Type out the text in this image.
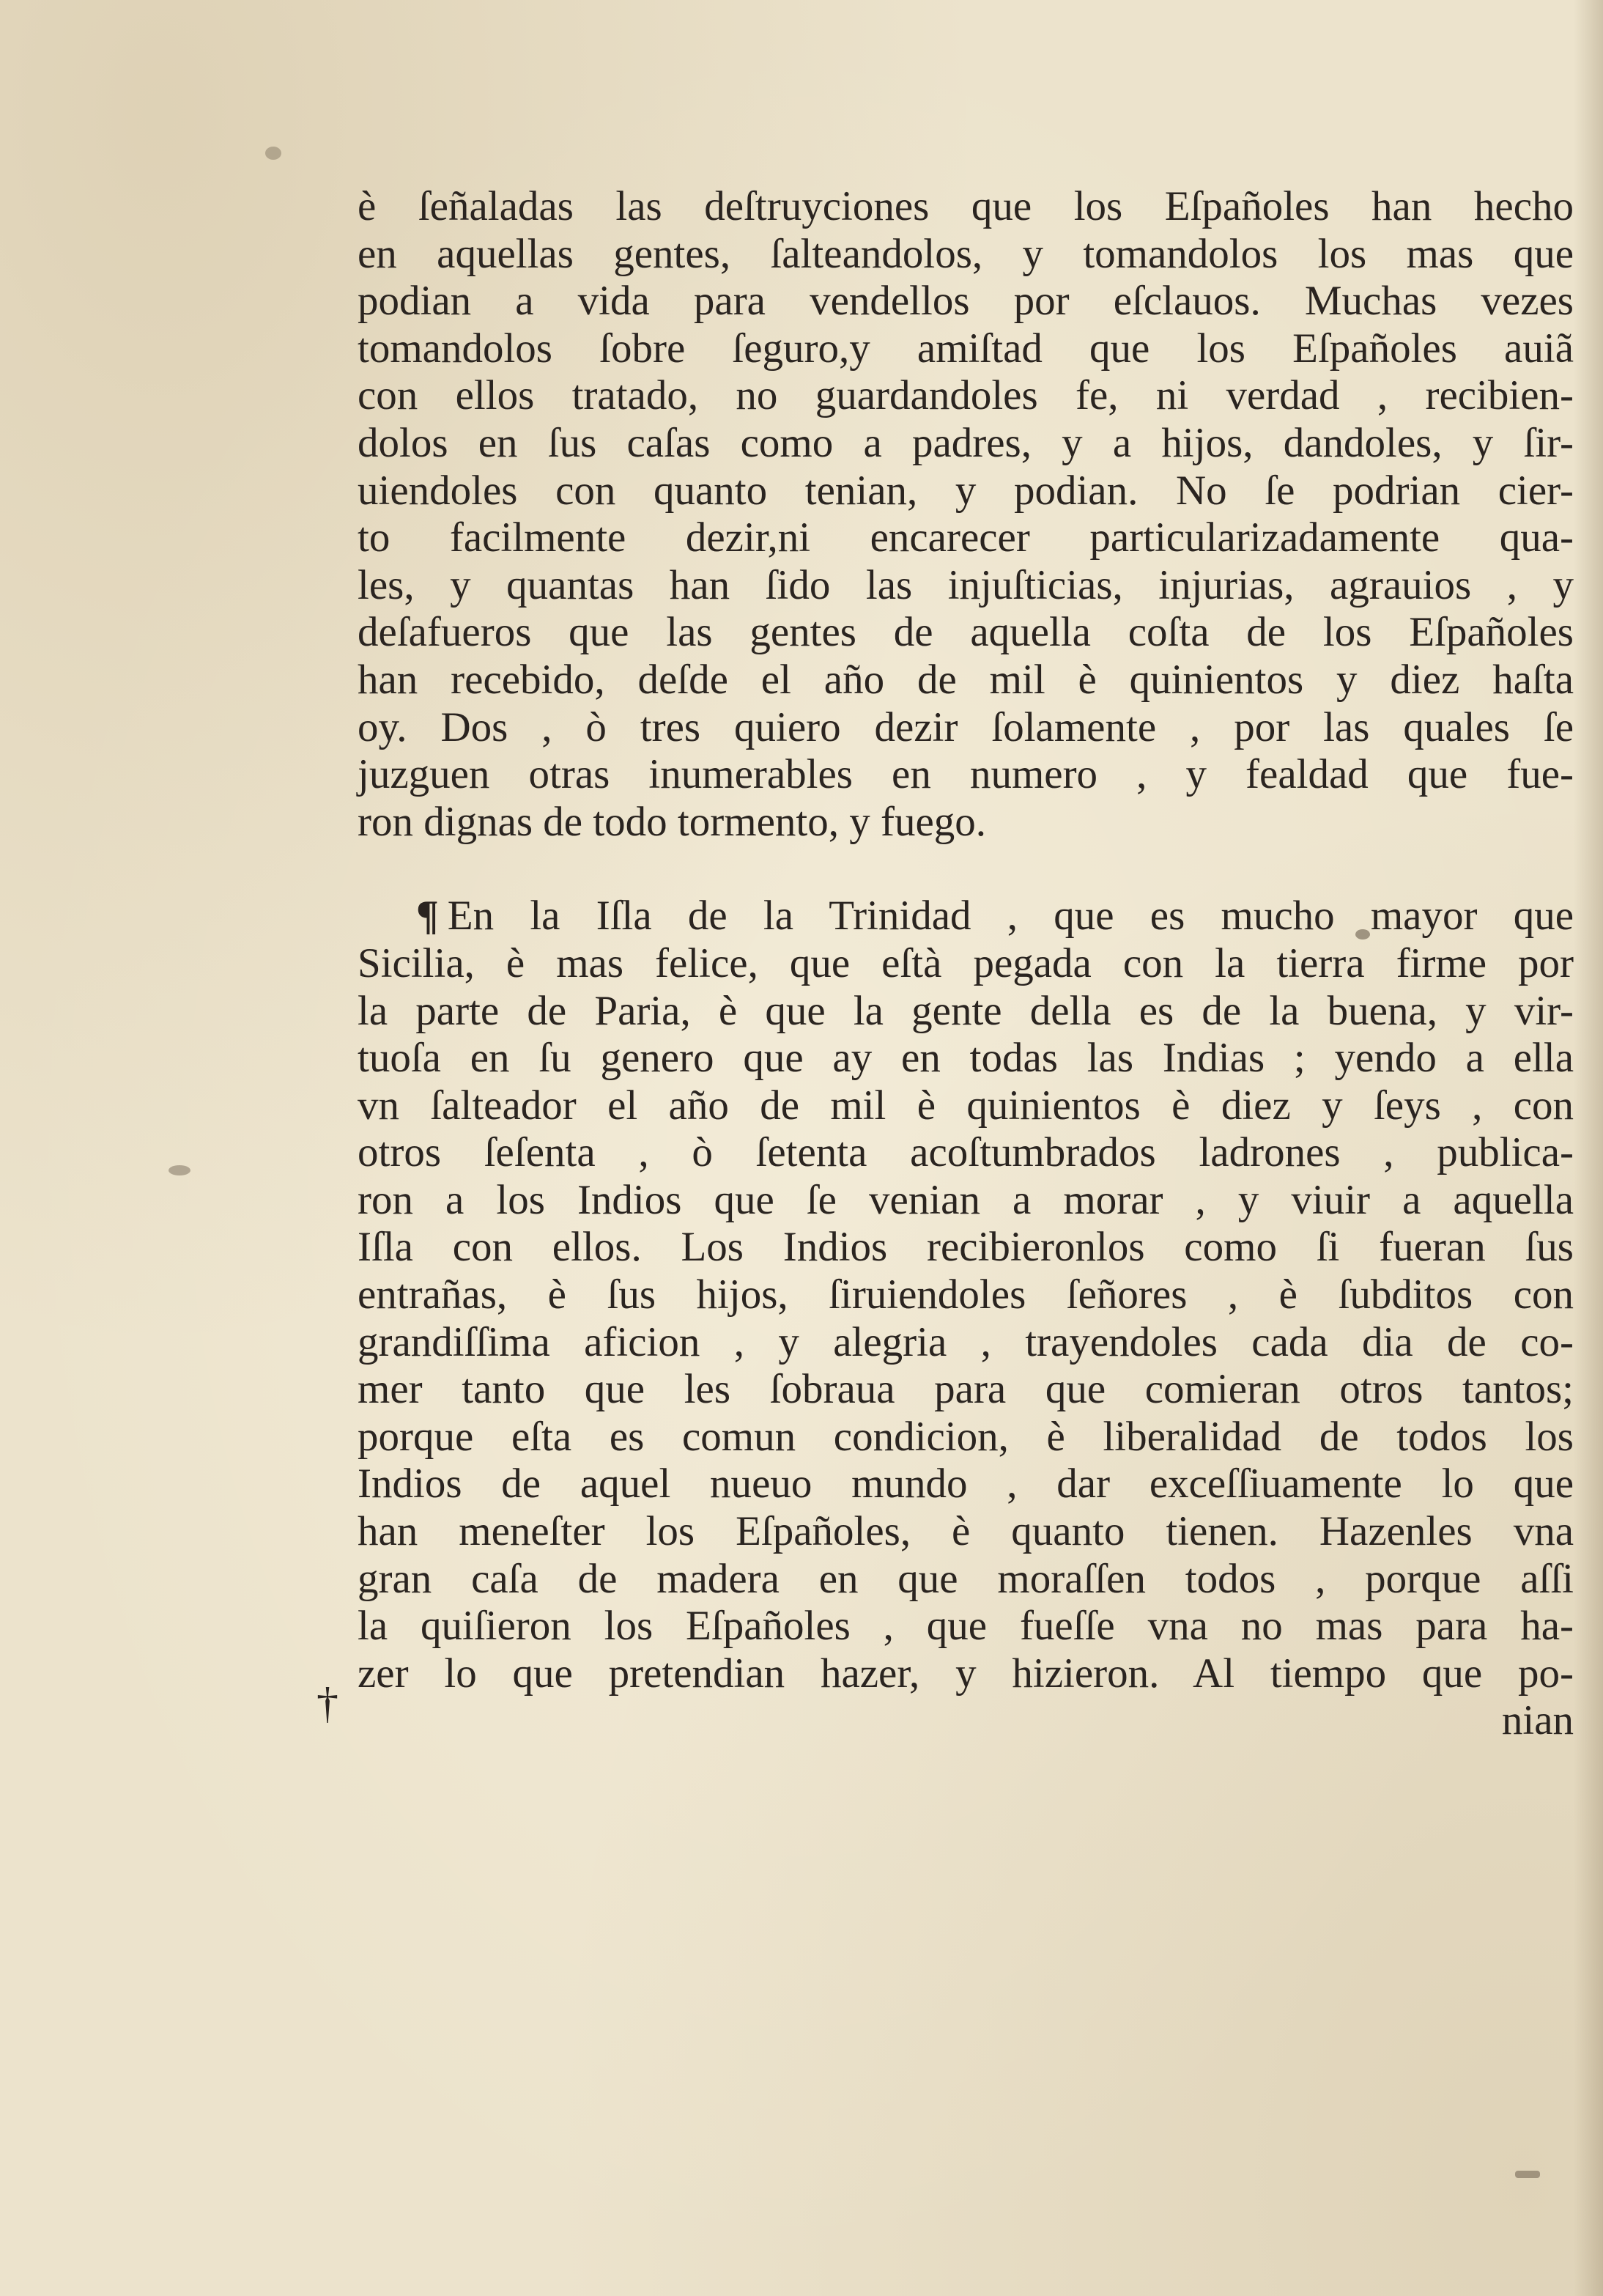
†
è ſeñaladas las deſtruyciones que los Eſpañoles han hecho
en aquellas gentes, ſalteandolos, y tomandolos los mas que
podian a vida para vendellos por eſclauos. Muchas vezes
tomandolos ſobre ſeguro,y amiſtad que los Eſpañoles auiã
con ellos tratado, no guardandoles fe, ni verdad , recibien-
dolos en ſus caſas como a padres, y a hijos, dandoles, y ſir-
uiendoles con quanto tenian, y podian. No ſe podrian cier-
to facilmente dezir,ni encarecer particularizadamente qua-
les, y quantas han ſido las injuſticias, injurias, agrauios , y
deſafueros que las gentes de aquella coſta de los Eſpañoles
han recebido, deſde el año de mil è quinientos y diez haſta
oy. Dos , ò tres quiero dezir ſolamente , por las quales ſe
juzguen otras inumerables en numero , y fealdad que fue-
ron dignas de todo tormento, y fuego.
¶ En la Iſla de la Trinidad , que es mucho mayor que
Sicilia, è mas felice, que eſtà pegada con la tierra firme por
la parte de Paria, è que la gente della es de la buena, y vir-
tuoſa en ſu genero que ay en todas las Indias ; yendo a ella
vn ſalteador el año de mil è quinientos è diez y ſeys , con
otros ſeſenta , ò ſetenta acoſtumbrados ladrones , publica-
ron a los Indios que ſe venian a morar , y viuir a aquella
Iſla con ellos. Los Indios recibieronlos como ſi fueran ſus
entrañas, è ſus hijos, ſiruiendoles ſeñores , è ſubditos con
grandiſſima aficion , y alegria , trayendoles cada dia de co-
mer tanto que les ſobraua para que comieran otros tantos;
porque eſta es comun condicion, è liberalidad de todos los
Indios de aquel nueuo mundo , dar exceſſiuamente lo que
han meneſter los Eſpañoles, è quanto tienen. Hazenles vna
gran caſa de madera en que moraſſen todos , porque aſſi
la quiſieron los Eſpañoles , que fueſſe vna no mas para ha-
zer lo que pretendian hazer, y hizieron. Al tiempo que po-
nian
